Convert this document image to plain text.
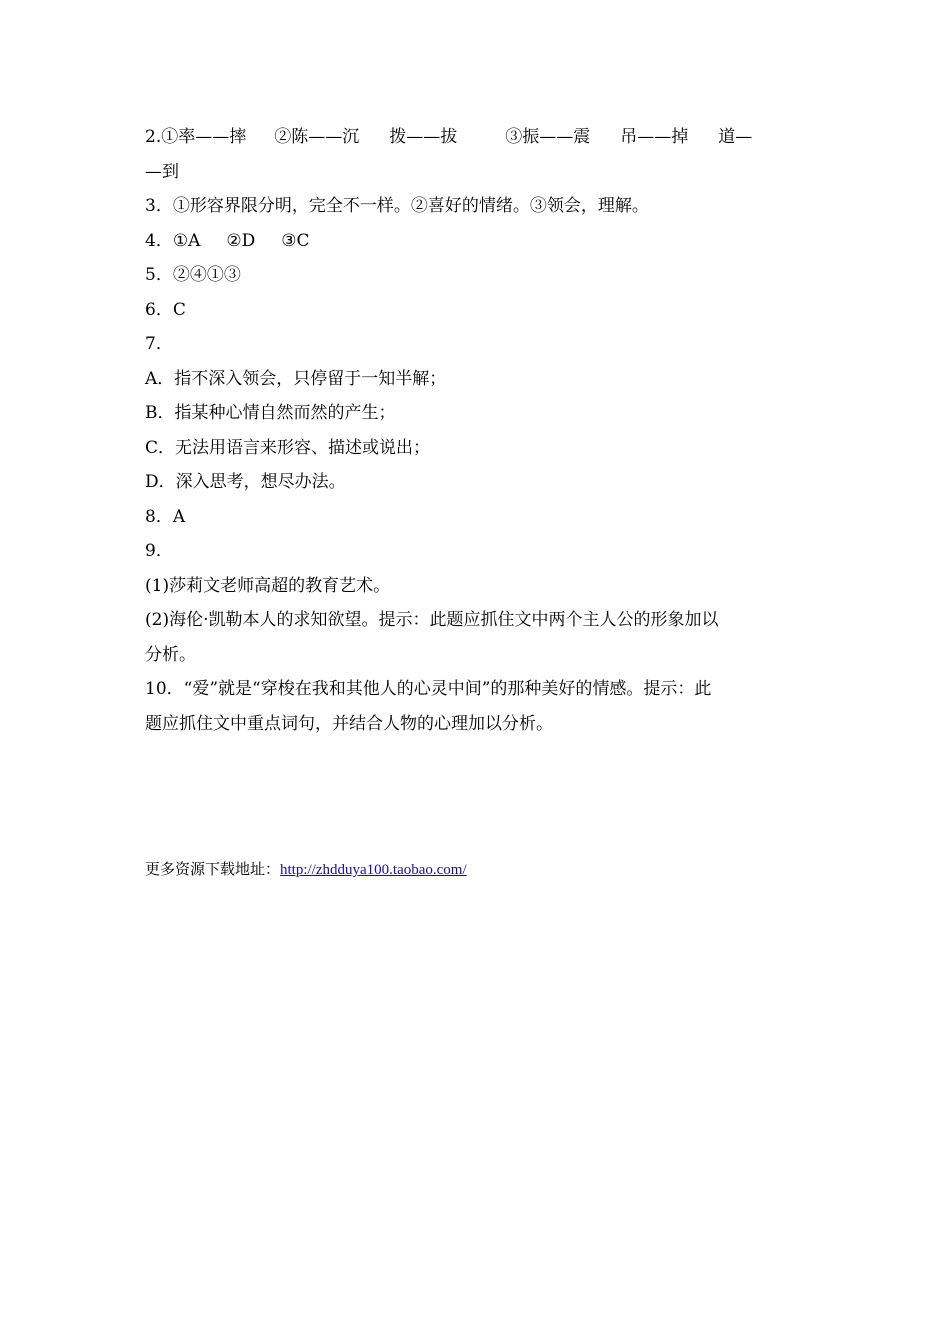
2.①率——摔 ②陈——沉 拨——拔	③振——震 吊——掉 道—
—到
3．①形容界限分明，完全不一样。②喜好的情绪。③领会，理解。
4．①A ②D ③C
5．②④①③
6．C
7．
A．指不深入领会，只停留于一知半解；
B．指某种心情自然而然的产生；
C．无法用语言来形容、描述或说出；
D．深入思考，想尽办法。
8．A
9．
(1)莎莉文老师高超的教育艺术。
(2)海伦·凯勒本人的求知欲望。提示：此题应抓住文中两个主人公的形象加以
分析。
10．“爱”就是“穿梭在我和其他人的心灵中间”的那种美好的情感。提示：此
题应抓住文中重点词句，并结合人物的心理加以分析。
更多资源下载地址：http://zhdduya100.taobao.com/
